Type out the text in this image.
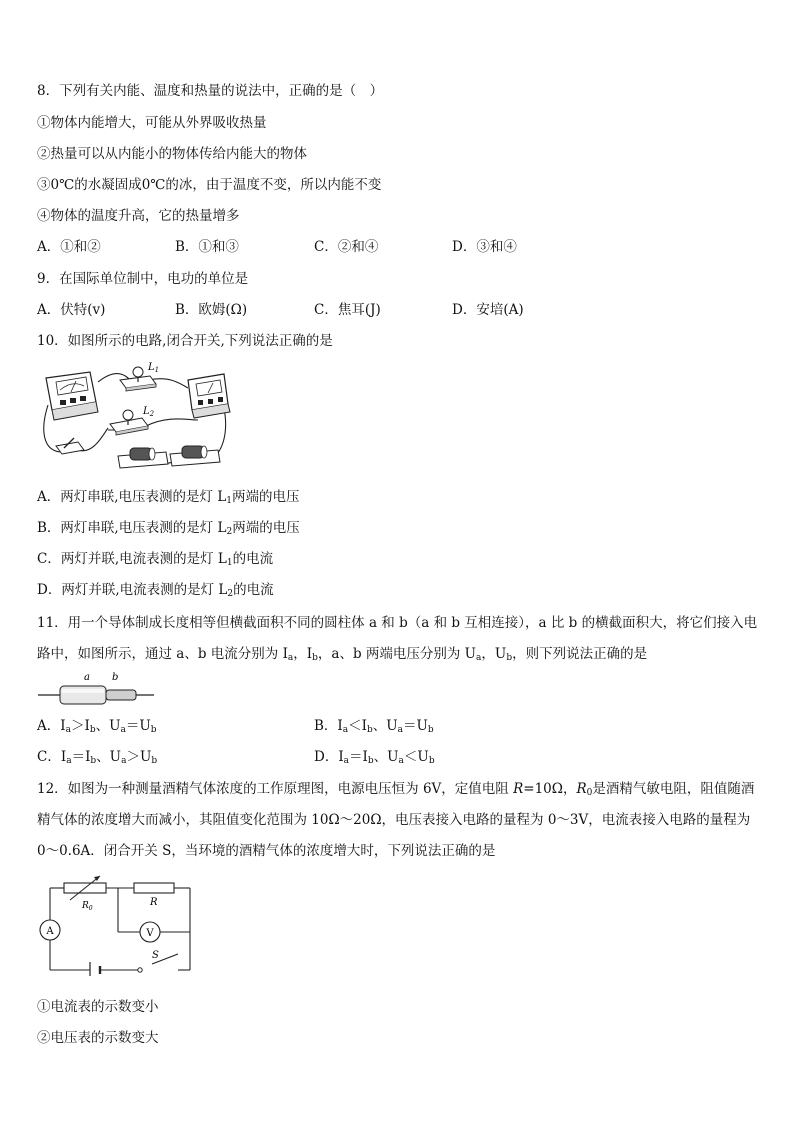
8．下列有关内能、温度和热量的说法中，正确的是（　）
①物体内能增大，可能从外界吸收热量
②热量可以从内能小的物体传给内能大的物体
③0℃的水凝固成0℃的冰，由于温度不变，所以内能不变
④物体的温度升高，它的热量增多
A．①和②	B．①和③	C．②和④	D．③和④
9．在国际单位制中，电功的单位是
A．伏特(v)	B．欧姆(Ω)	C．焦耳(J)	D．安培(A)
10．如图所示的电路,闭合开关,下列说法正确的是
$L_1$
$L_2$
A．两灯串联,电压表测的是灯 $L_1$两端的电压
B．两灯串联,电压表测的是灯 $L_2$两端的电压
C．两灯并联,电流表测的是灯 $L_1$的电流
D．两灯并联,电流表测的是灯 $L_2$的电流
11．用一个导体制成长度相等但横截面积不同的圆柱体 a 和 b（a 和 b 互相连接），a 比 b 的横截面积大，将它们接入电
路中，如图所示，通过 a、b 电流分别为 $I_a$，$I_b$，a、b 两端电压分别为 $U_a$，$U_b$，则下列说法正确的是
a b
A．$I_a>I_b$、$U_a=U_b$	B．$I_a<I_b$、$U_a=U_b$
C．$I_a=I_b$、$U_a>U_b$	D．$I_a=I_b$、$U_a<U_b$
12．如图为一种测量酒精气体浓度的工作原理图，电源电压恒为 6V，定值电阻 R=10Ω，$R_0$是酒精气敏电阻，阻值随酒
精气体的浓度增大而减小，其阻值变化范围为 10Ω～20Ω，电压表接入电路的量程为 0～3V，电流表接入电路的量程为
0～0.6A．闭合开关 S，当环境的酒精气体的浓度增大时，下列说法正确的是
$R_0$
R
A	V
S
①电流表的示数变小
②电压表的示数变大
